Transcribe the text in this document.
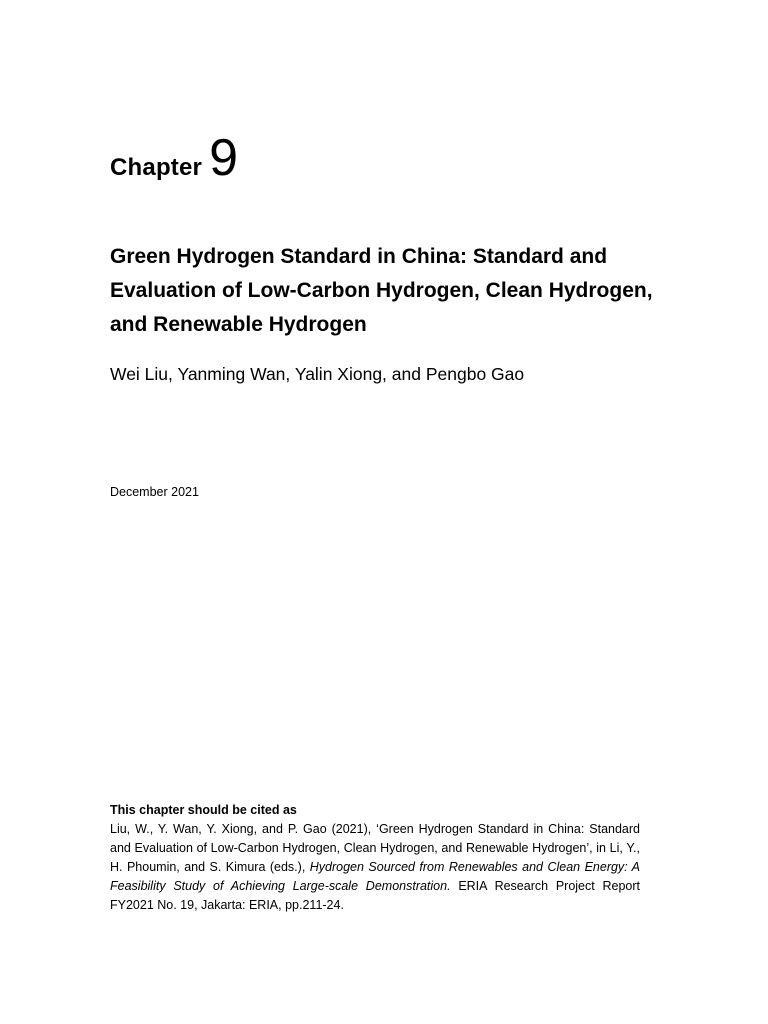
Chapter 9
Green Hydrogen Standard in China: Standard and Evaluation of Low-Carbon Hydrogen, Clean Hydrogen, and Renewable Hydrogen

Wei Liu, Yanming Wan, Yalin Xiong, and Pengbo Gao

December 2021

This chapter should be cited as

Liu, W., Y. Wan, Y. Xiong, and P. Gao (2021), ‘Green Hydrogen Standard in China: Standard and Evaluation of Low-Carbon Hydrogen, Clean Hydrogen, and Renewable Hydrogen’, in Li, Y., H. Phoumin, and S. Kimura (eds.), Hydrogen Sourced from Renewables and Clean Energy: A Feasibility Study of Achieving Large-scale Demonstration. ERIA Research Project Report FY2021 No. 19, Jakarta: ERIA, pp.211-24.
